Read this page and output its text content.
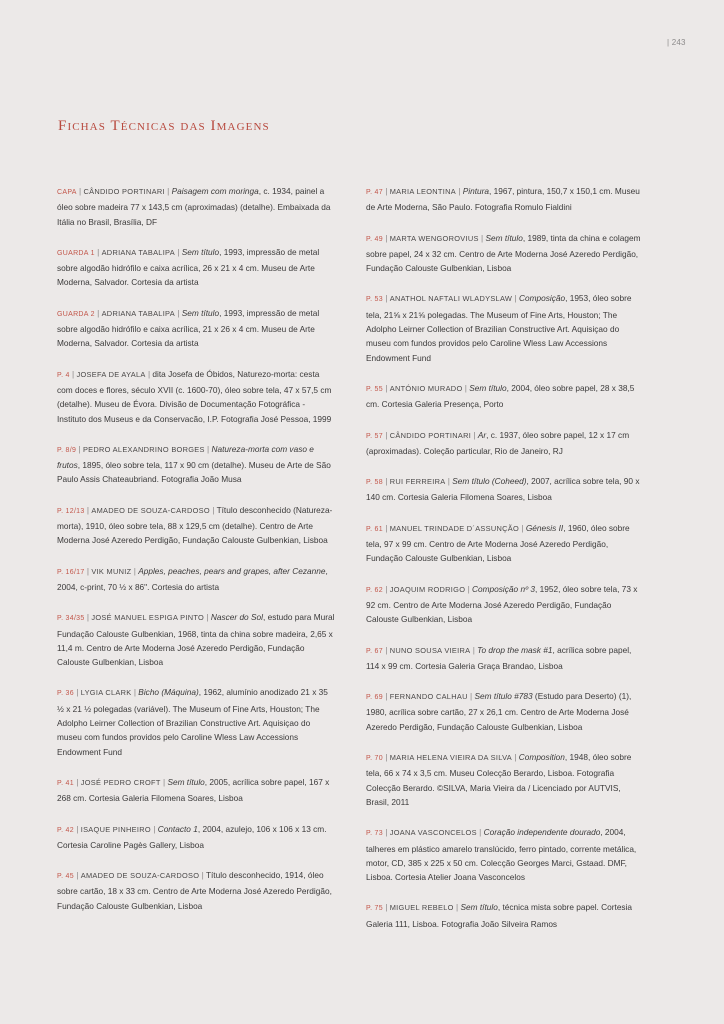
| 243
Fichas Técnicas das Imagens

CAPA | CÂNDIDO PORTINARI | Paisagem com moringa, c. 1934, painel a óleo sobre madeira 77 x 143,5 cm (aproximadas) (detalhe). Embaixada da Itália no Brasil, Brasília, DF

GUARDA 1 | ADRIANA TABALIPA | Sem título, 1993, impressão de metal sobre algodão hidrófilo e caixa acrílica, 26 x 21 x 4 cm. Museu de Arte Moderna, Salvador. Cortesia da artista

GUARDA 2 | ADRIANA TABALIPA | Sem título, 1993, impressão de metal sobre algodão hidrófilo e caixa acrílica, 21 x 26 x 4 cm. Museu de Arte Moderna, Salvador. Cortesia da artista

P. 4 | JOSEFA DE AYALA | dita Josefa de Óbidos, Naturezo-morta: cesta com doces e flores, século XVII (c. 1600-70), óleo sobre tela, 47 x 57,5 cm (detalhe). Museu de Évora. Divisão de Documentação Fotográfica - Instituto dos Museus e da Conservacão, I.P. Fotografia José Pessoa, 1999

P. 8/9 | PEDRO ALEXANDRINO BORGES | Natureza-morta com vaso e frutos, 1895, óleo sobre tela, 117 x 90 cm (detalhe). Museu de Arte de São Paulo Assis Chateaubriand. Fotografia João Musa

P. 12/13 | AMADEO DE SOUZA-CARDOSO | Título desconhecido (Natureza-morta), 1910, óleo sobre tela, 88 x 129,5 cm (detalhe). Centro de Arte Moderna José Azeredo Perdigão, Fundação Calouste Gulbenkian, Lisboa

P. 16/17 | VIK MUNIZ | Apples, peaches, pears and grapes, after Cezanne, 2004, c-print, 70 ½ x 86". Cortesia do artista

P. 34/35 | JOSÉ MANUEL ESPIGA PINTO | Nascer do Sol, estudo para Mural Fundação Calouste Gulbenkian, 1968, tinta da china sobre madeira, 2,65 x 11,4 m. Centro de Arte Moderna José Azeredo Perdigão, Fundação Calouste Gulbenkian, Lisboa

P. 36 | LYGIA CLARK | Bicho (Máquina), 1962, alumínio anodizado 21 x 35 ½ x 21 ½ polegadas (variável). The Museum of Fine Arts, Houston; The Adolpho Leirner Collection of Brazilian Constructive Art. Aquisiçao do museu com fundos providos pelo Caroline Wless Law Accessions Endowment Fund

P. 41 | JOSÉ PEDRO CROFT | Sem título, 2005, acrílica sobre papel, 167 x 268 cm. Cortesia Galeria Filomena Soares, Lisboa

P. 42 | ISAQUE PINHEIRO | Contacto 1, 2004, azulejo, 106 x 106 x 13 cm. Cortesia Caroline Pagès Gallery, Lisboa

P. 45 | AMADEO DE SOUZA-CARDOSO | Título desconhecido, 1914, óleo sobre cartão, 18 x 33 cm. Centro de Arte Moderna José Azeredo Perdigão, Fundação Calouste Gulbenkian, Lisboa

P. 47 | MARIA LEONTINA | Pintura, 1967, pintura, 150,7 x 150,1 cm. Museu de Arte Moderna, São Paulo. Fotografia Romulo Fialdini

P. 49 | MARTA WENGOROVIUS | Sem título, 1989, tinta da china e colagem sobre papel, 24 x 32 cm. Centro de Arte Moderna José Azeredo Perdigão, Fundação Calouste Gulbenkian, Lisboa

P. 53 | ANATHOL NAFTALI WLADYSLAW | Composição, 1953, óleo sobre tela, 21⅝ x 21⅝ polegadas. The Museum of Fine Arts, Houston; The Adolpho Leirner Collection of Brazilian Constructive Art. Aquisiçao do museu com fundos providos pelo Caroline Wless Law Accessions Endowment Fund

P. 55 | ANTÓNIO MURADO | Sem título, 2004, óleo sobre papel, 28 x 38,5 cm. Cortesia Galeria Presença, Porto

P. 57 | CÂNDIDO PORTINARI | Ar, c. 1937, óleo sobre papel, 12 x 17 cm (aproximadas). Coleção particular, Rio de Janeiro, RJ

P. 58 | RUI FERREIRA | Sem título (Coheed), 2007, acrílica sobre tela, 90 x 140 cm. Cortesia Galeria Filomena Soares, Lisboa

P. 61 | MANUEL TRINDADE D´ASSUNÇÃO | Génesis II, 1960, óleo sobre tela, 97 x 99 cm. Centro de Arte Moderna José Azeredo Perdigão, Fundação Calouste Gulbenkian, Lisboa

P. 62 | JOAQUIM RODRIGO | Composição nº 3, 1952, óleo sobre tela, 73 x 92 cm. Centro de Arte Moderna José Azeredo Perdigão, Fundação Calouste Gulbenkian, Lisboa

P. 67 | NUNO SOUSA VIEIRA | To drop the mask #1, acrílica sobre papel, 114 x 99 cm. Cortesia Galeria Graça Brandao, Lisboa

P. 69 | FERNANDO CALHAU | Sem título #783 (Estudo para Deserto) (1), 1980, acrílica sobre cartão, 27 x 26,1 cm. Centro de Arte Moderna José Azeredo Perdigão, Fundação Calouste Gulbenkian, Lisboa

P. 70 | MARIA HELENA VIEIRA DA SILVA | Composition, 1948, óleo sobre tela, 66 x 74 x 3,5 cm. Museu Colecção Berardo, Lisboa. Fotografia Colecção Berardo. ©SILVA, Maria Vieira da / Licenciado por AUTVIS, Brasil, 2011

P. 73 | JOANA VASCONCELOS | Coração independente dourado, 2004, talheres em plástico amarelo translúcido, ferro pintado, corrente metálica, motor, CD, 385 x 225 x 50 cm. Colecção Georges Marci, Gstaad. DMF, Lisboa. Cortesia Atelier Joana Vasconcelos

P. 75 | MIGUEL REBELO | Sem título, técnica mista sobre papel. Cortesia Galeria 111, Lisboa. Fotografia João Silveira Ramos
